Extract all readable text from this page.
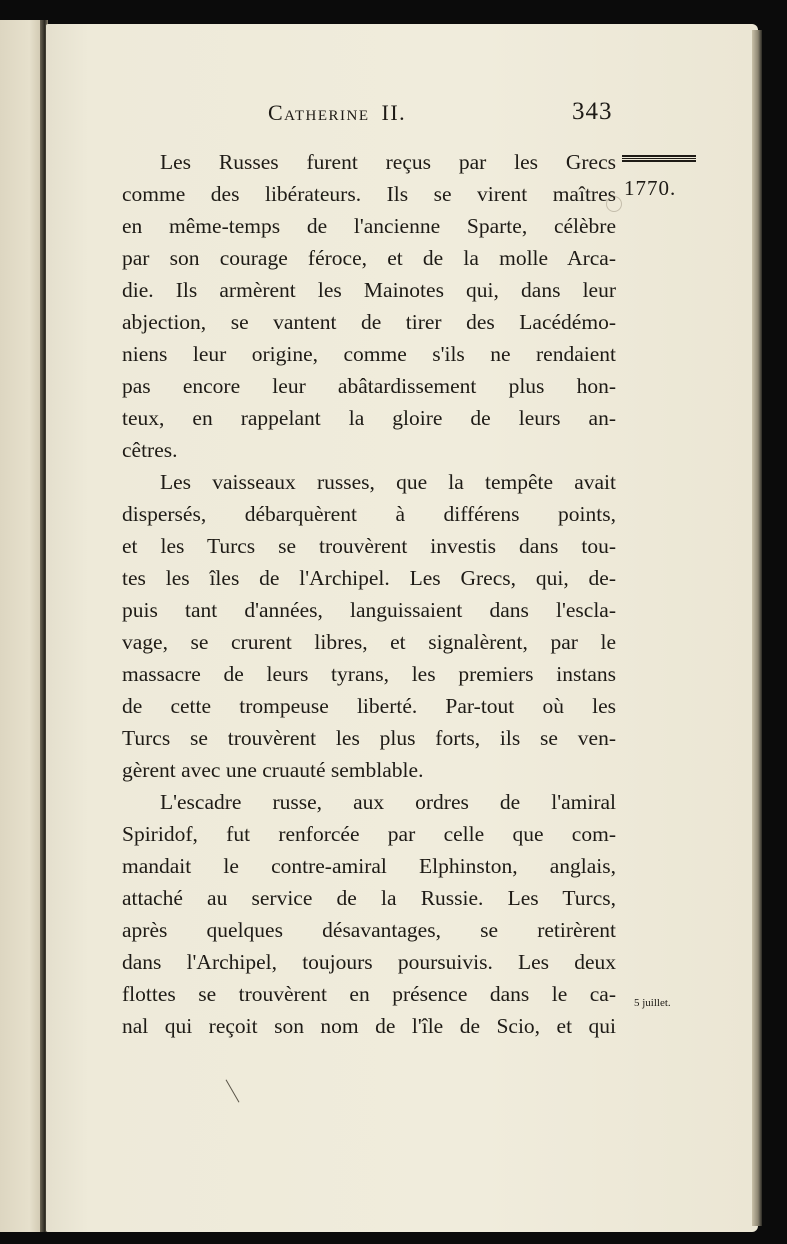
Catherine II.	343
1770.
5 juillet.
Les Russes furent reçus par les Grecs
comme des libérateurs. Ils se virent maîtres
en même-temps de l'ancienne Sparte, célèbre
par son courage féroce, et de la molle Arca-
die. Ils armèrent les Mainotes qui, dans leur
abjection, se vantent de tirer des Lacédémo-
niens leur origine, comme s'ils ne rendaient
pas encore leur abâtardissement plus hon-
teux, en rappelant la gloire de leurs an-
cêtres.
Les vaisseaux russes, que la tempête avait
dispersés, débarquèrent à différens points,
et les Turcs se trouvèrent investis dans tou-
tes les îles de l'Archipel. Les Grecs, qui, de-
puis tant d'années, languissaient dans l'escla-
vage, se crurent libres, et signalèrent, par le
massacre de leurs tyrans, les premiers instans
de cette trompeuse liberté. Par-tout où les
Turcs se trouvèrent les plus forts, ils se ven-
gèrent avec une cruauté semblable.
L'escadre russe, aux ordres de l'amiral
Spiridof, fut renforcée par celle que com-
mandait le contre-amiral Elphinston, anglais,
attaché au service de la Russie. Les Turcs,
après quelques désavantages, se retirèrent
dans l'Archipel, toujours poursuivis. Les deux
flottes se trouvèrent en présence dans le ca-
nal qui reçoit son nom de l'île de Scio, et qui
